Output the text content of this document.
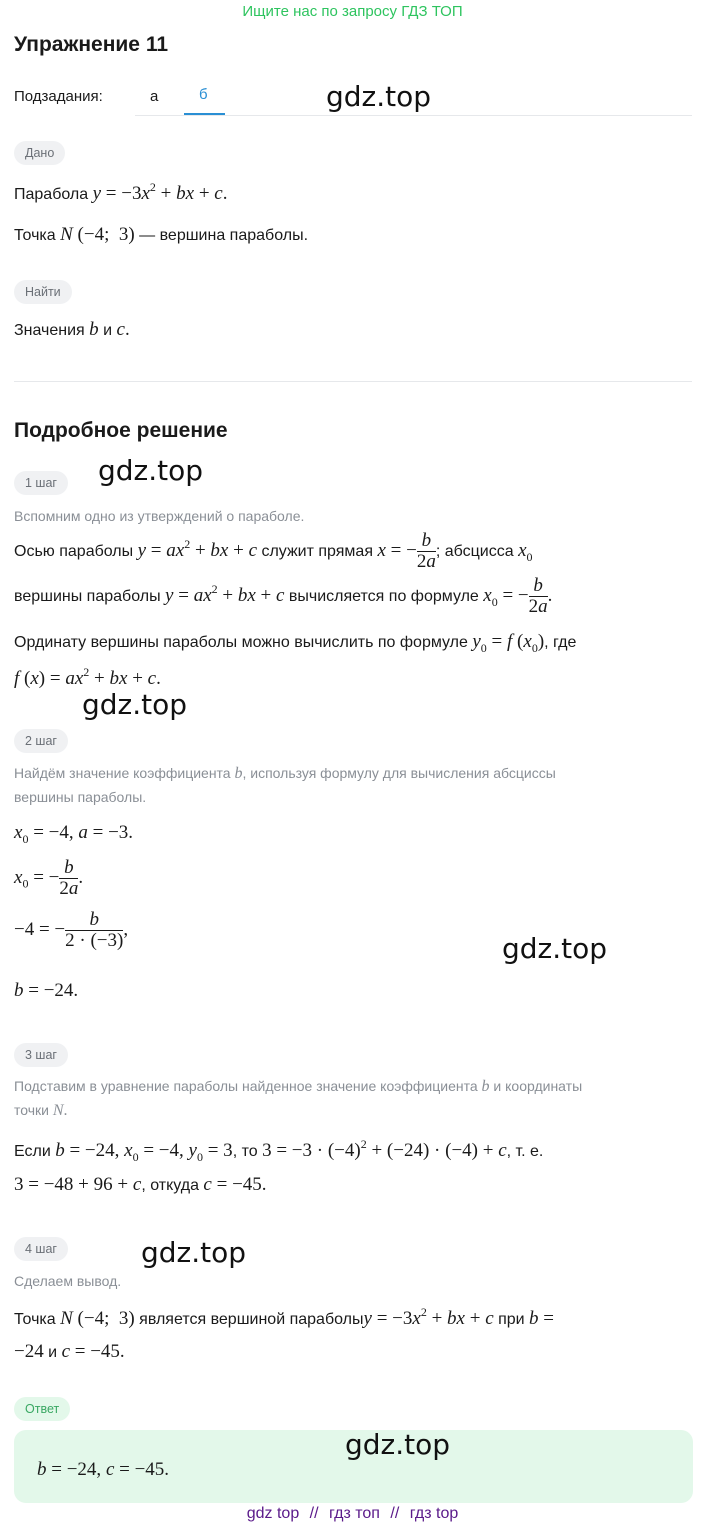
Ищите нас по запросу ГДЗ ТОП
Упражнение 11
Подзадания:	а	б	gdz.top
Дано
Парабола $y = -3x^2$ + bx + c.
Точка N (−4;  3) — вершина параболы.
Найти
Значения b и c.
Подробное решение
1 шаг	gdz.top
Вспомним одно из утверждений о параболе.
Осью параболы $y = ax^2$ + bx + c служит прямая x = − $\frac{b}{2a}$ ; абсцисса $x_0$
вершины параболы $y = ax^2$ + bx + c вычисляется по формуле $x_0$ = − $\frac{b}{2a}$ .
Ординату вершины параболы можно вычислить по формуле $y_0 = f$ $(x_0)$, где
f $(x) = ax^2$ + bx + c.
gdz.top
2 шаг
Найдём значение коэффициента b, используя формулу для вычисления абсциссы
вершины параболы.
$x_0 = -4$, a = −3.
$x_0$ = − $\frac{b}{2a}$ .
−4 = − $\frac{b}{2 \cdot (-3)}$ ,
b = −24.
gdz.top
3 шаг
Подставим в уравнение параболы найденное значение коэффициента b и координаты
точки N.
Если b = −24, $x_0 = -4$, $y_0 = 3$, то $3 = -3 \cdot (-4)^2 + (-24) \cdot (-4) + c$, т. е.
3 = −48 + 96 + c, откуда c = −45.
4 шаг	gdz.top
Сделаем вывод.
Точка N (−4;  3) является вершиной параболыy = $-3x^2$ + bx + c при b =
−24 и c = −45.
Ответ
gdz.top
b = −24, c = −45.
gdz top // гдз топ // гдз top
